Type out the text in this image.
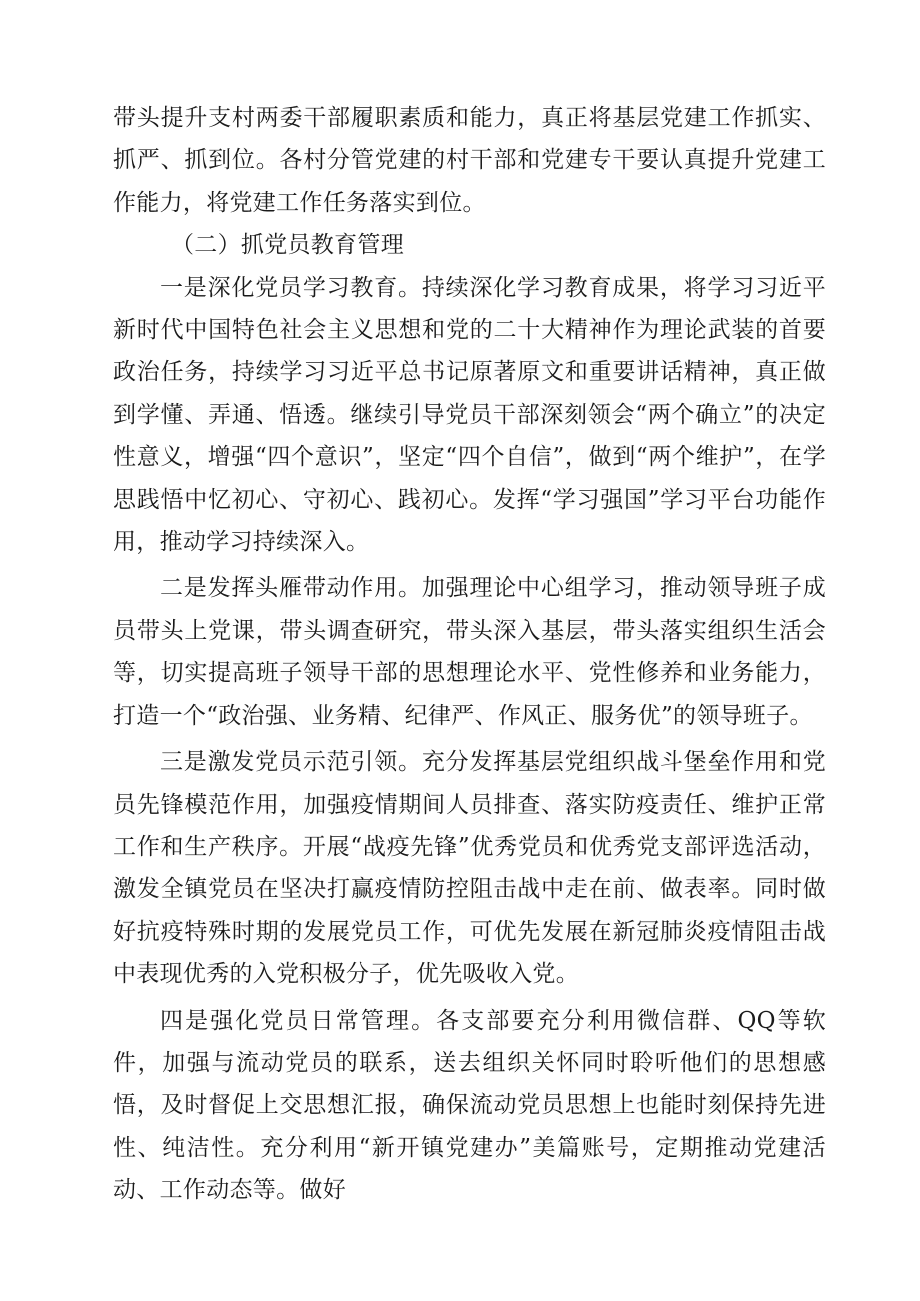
带头提升支村两委干部履职素质和能力，真正将基层党建工作抓实、抓严、抓到位。各村分管党建的村干部和党建专干要认真提升党建工作能力，将党建工作任务落实到位。

（二）抓党员教育管理

一是深化党员学习教育。持续深化学习教育成果，将学习习近平新时代中国特色社会主义思想和党的二十大精神作为理论武装的首要政治任务，持续学习习近平总书记原著原文和重要讲话精神，真正做到学懂、弄通、悟透。继续引导党员干部深刻领会“两个确立”的决定性意义，增强“四个意识”，坚定“四个自信”，做到“两个维护”，在学思践悟中忆初心、守初心、践初心。发挥“学习强国”学习平台功能作用，推动学习持续深入。

二是发挥头雁带动作用。加强理论中心组学习，推动领导班子成员带头上党课，带头调查研究，带头深入基层，带头落实组织生活会等，切实提高班子领导干部的思想理论水平、党性修养和业务能力，打造一个“政治强、业务精、纪律严、作风正、服务优”的领导班子。

三是激发党员示范引领。充分发挥基层党组织战斗堡垒作用和党员先锋模范作用，加强疫情期间人员排查、落实防疫责任、维护正常工作和生产秩序。开展“战疫先锋”优秀党员和优秀党支部评选活动，激发全镇党员在坚决打赢疫情防控阻击战中走在前、做表率。同时做好抗疫特殊时期的发展党员工作，可优先发展在新冠肺炎疫情阻击战中表现优秀的入党积极分子，优先吸收入党。

四是强化党员日常管理。各支部要充分利用微信群、QQ等软件，加强与流动党员的联系，送去组织关怀同时聆听他们的思想感悟，及时督促上交思想汇报，确保流动党员思想上也能时刻保持先进性、纯洁性。充分利用“新开镇党建办”美篇账号，定期推动党建活动、工作动态等。做好
